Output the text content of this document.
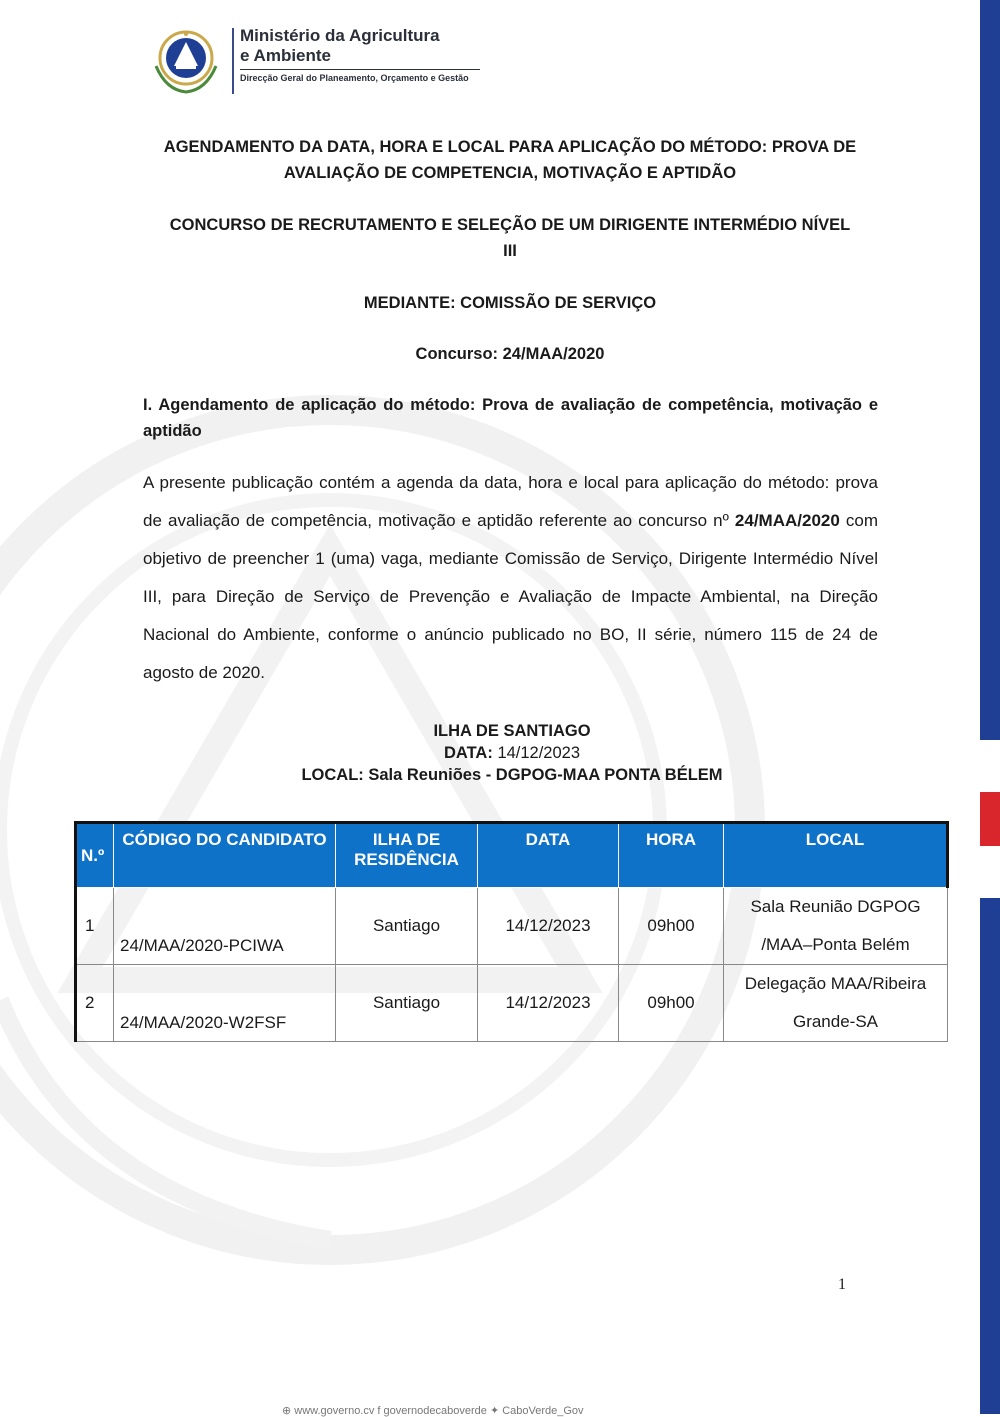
Ministério da Agricultura
e Ambiente
Direcção Geral do Planeamento, Orçamento e Gestão
AGENDAMENTO DA DATA, HORA E LOCAL PARA APLICAÇÃO DO MÉTODO: PROVA DE
AVALIAÇÃO DE COMPETENCIA, MOTIVAÇÃO E APTIDÃO
CONCURSO DE RECRUTAMENTO E SELEÇÃO DE UM DIRIGENTE INTERMÉDIO NÍVEL
III
MEDIANTE: COMISSÃO DE SERVIÇO
Concurso: 24/MAA/2020
I. Agendamento de aplicação do método: Prova de avaliação de competência, motivação e aptidão
A presente publicação contém a agenda da data, hora e local para aplicação do método: prova de avaliação de competência, motivação e aptidão referente ao concurso nº 24/MAA/2020 com objetivo de preencher 1 (uma) vaga, mediante Comissão de Serviço, Dirigente Intermédio Nível III, para Direção de Serviço de Prevenção e Avaliação de Impacte Ambiental, na Direção Nacional do Ambiente, conforme o anúncio publicado no BO, II série, número 115 de 24 de agosto de 2020.
ILHA DE SANTIAGO
DATA: 14/12/2023
LOCAL: Sala Reuniões - DGPOG-MAA PONTA BÉLEM
N.º	CÓDIGO DO CANDIDATO	ILHA DE RESIDÊNCIA	DATA	HORA	LOCAL
1	24/MAA/2020-PCIWA	Santiago	14/12/2023	09h00	Sala Reunião DGPOG
/MAA–Ponta Belém

2	24/MAA/2020-W2FSF	Santiago	14/12/2023	09h00	Delegação MAA/Ribeira
Grande-SA
1
⊕ www.governo.cv f governodecaboverde ✦ CaboVerde_Gov
